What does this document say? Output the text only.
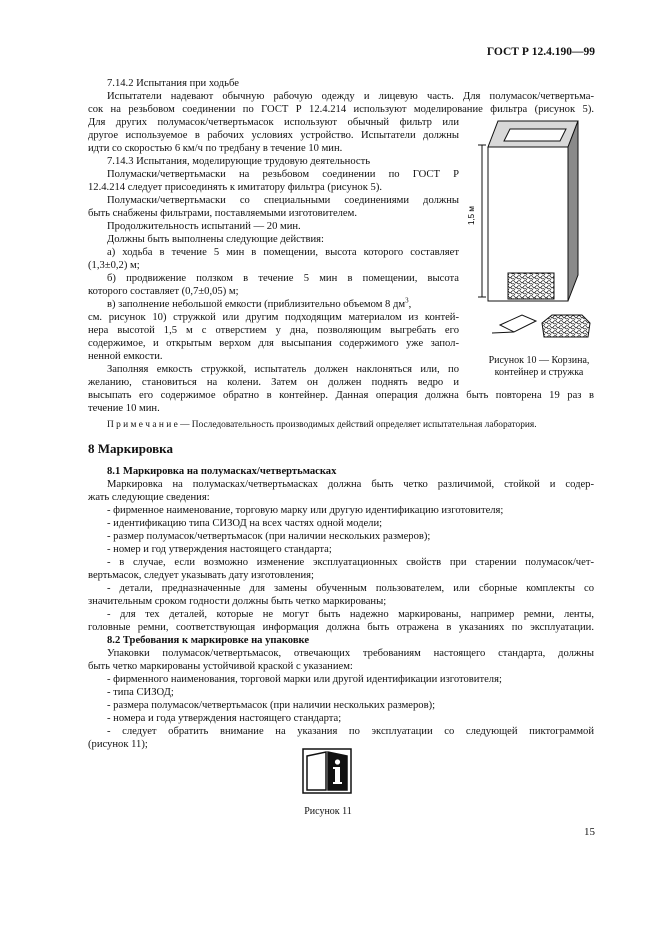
ГОСТ Р 12.4.190—99
7.14.2 Испытания при ходьбе
Испытатели надевают обычную рабочую одежду и лицевую часть. Для полумасок/четвертьма-
сок на резьбовом соединении по ГОСТ Р 12.4.214 используют моделирование фильтра (рисунок 5).
Для других полумасок/четвертьмасок используют обычный фильтр или
другое используемое в рабочих условиях устройство. Испытатели должны
идти со скоростью 6 км/ч по тредбану в течение 10 мин.
7.14.3 Испытания, моделирующие трудовую деятельность
Полумаски/четвертьмаски на резьбовом соединении по ГОСТ Р
12.4.214 следует присоединять к имитатору фильтра (рисунок 5).
Полумаски/четвертьмаски со специальными соединениями должны
быть снабжены фильтрами, поставляемыми изготовителем.
Продолжительность испытаний — 20 мин.
Должны быть выполнены следующие действия:
а) ходьба в течение 5 мин в помещении, высота которого составляет
(1,3±0,2) м;
б) продвижение ползком в течение 5 мин в помещении, высота
которого составляет (0,7±0,05) м;
в) заполнение небольшой емкости (приблизительно объемом 8 $дм^3$,
см. рисунок 10) стружкой или другим подходящим материалом из контей-
нера высотой 1,5 м с отверстием у дна, позволяющим выгребать его
содержимое, и открытым верхом для высыпания содержимого уже запол-
ненной емкости.
Заполняя емкость стружкой, испытатель должен наклоняться или, по
желанию, становиться на колени. Затем он должен поднять ведро и
высыпать его содержимое обратно в контейнер. Данная операция должна быть повторена 19 раз в
течение 10 мин.
П р и м е ч а н и е — Последовательность производимых действий определяет испытательная лаборатория.
1,5 м
Рисунок 10 — Корзина,
контейнер и стружка
8 Маркировка
8.1 Маркировка на полумасках/четвертьмасках
Маркировка на полумасках/четвертьмасках должна быть четко различимой, стойкой и содер-
жать следующие сведения:
- фирменное наименование, торговую марку или другую идентификацию изготовителя;
- идентификацию типа СИЗОД на всех частях одной модели;
- размер полумасок/четвертьмасок (при наличии нескольких размеров);
- номер и год утверждения настоящего стандарта;
- в случае, если возможно изменение эксплуатационных свойств при старении полумасок/чет-
вертьмасок, следует указывать дату изготовления;
- детали, предназначенные для замены обученным пользователем, или сборные комплекты со
значительным сроком годности должны быть четко маркированы;
- для тех деталей, которые не могут быть надежно маркированы, например ремни, ленты,
головные ремни, соответствующая информация должна быть отражена в указаниях по эксплуатации.
8.2 Требования к маркировке на упаковке
Упаковки полумасок/четвертьмасок, отвечающих требованиям настоящего стандарта, должны
быть четко маркированы устойчивой краской с указанием:
- фирменного наименования, торговой марки или другой идентификации изготовителя;
- типа СИЗОД;
- размера полумасок/четвертьмасок (при наличии нескольких размеров);
- номера и года утверждения настоящего стандарта;
- следует обратить внимание на указания по эксплуатации со следующей пиктограммой
(рисунок 11);
Рисунок 11
15
